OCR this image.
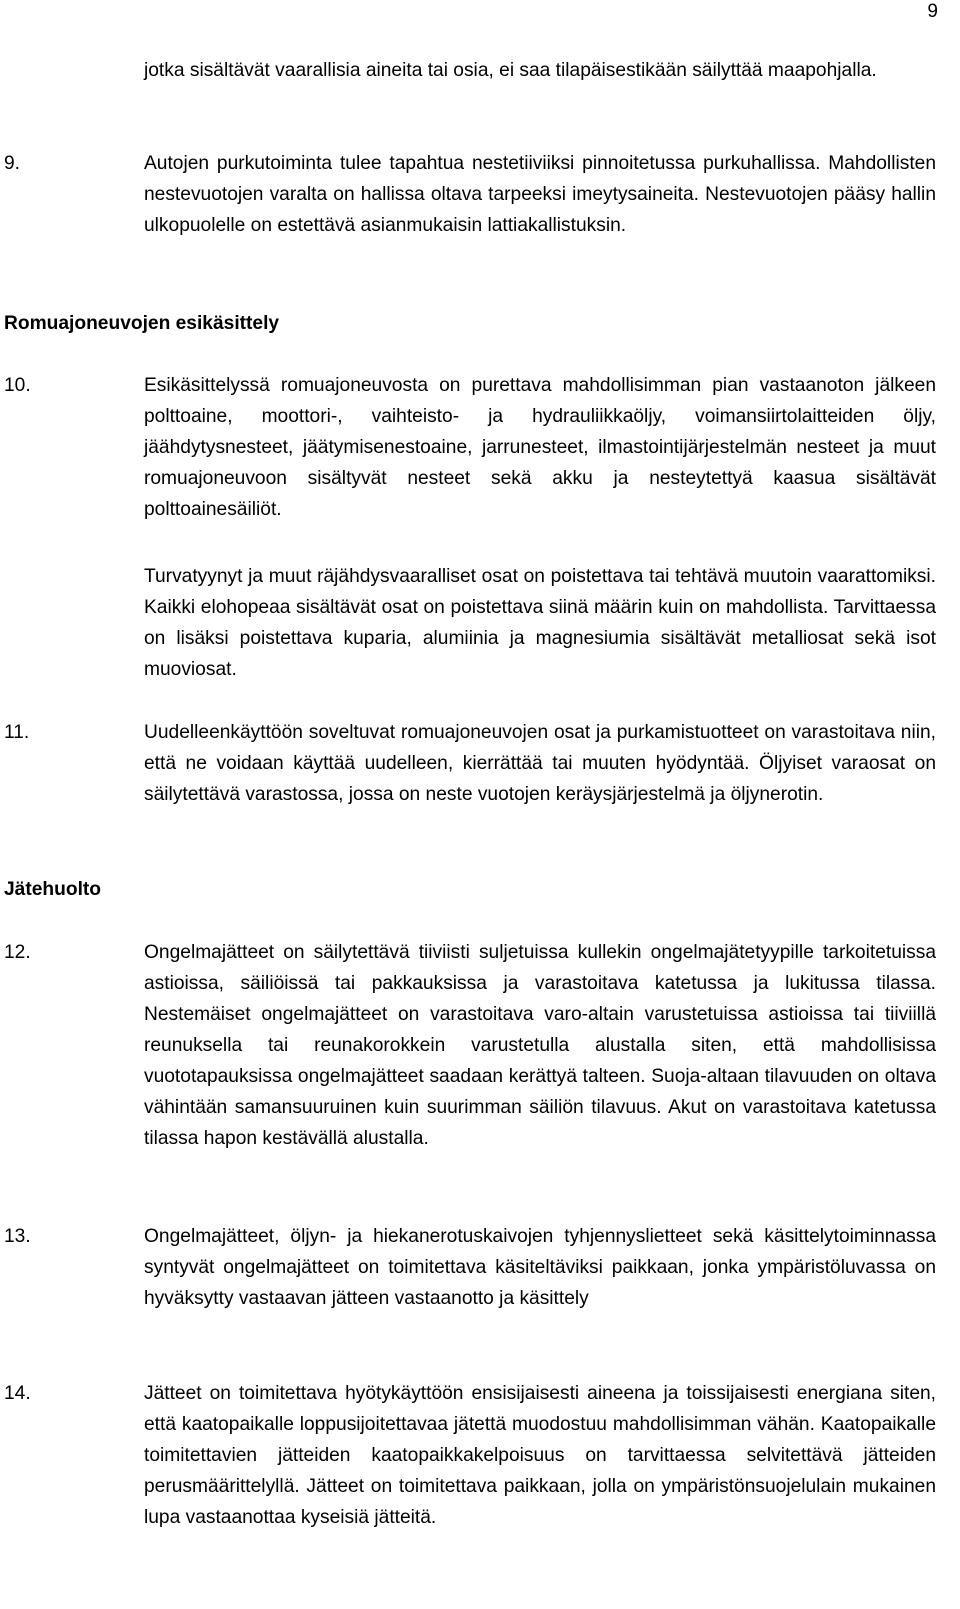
9

jotka sisältävät vaarallisia aineita tai osia, ei saa tilapäisestikään säilyttää maapohjalla.

9.	Autojen purkutoiminta tulee tapahtua nestetiiviiksi pinnoitetussa purkuhallissa. Mahdollisten nestevuotojen varalta on hallissa oltava tarpeeksi imeytysaineita. Nestevuotojen pääsy hallin ulkopuolelle on estettävä asianmukaisin lattiakallistuksin.

Romuajoneuvojen esikäsittely

10.	Esikäsittelyssä romuajoneuvosta on purettava mahdollisimman pian vastaanoton jälkeen polttoaine, moottori-, vaihteisto- ja hydrauliikkaöljy, voimansiirtolaitteiden öljy, jäähdytysnesteet, jäätymisenestoaine, jarrunesteet, ilmastointijärjestelmän nesteet ja muut romuajoneuvoon sisältyvät nesteet sekä akku ja nesteytettyä kaasua sisältävät polttoainesäiliöt.

Turvatyynyt ja muut räjähdysvaaralliset osat on poistettava tai tehtävä muutoin vaarattomiksi. Kaikki elohopeaa sisältävät osat on poistettava siinä määrin kuin on mahdollista. Tarvittaessa on lisäksi poistettava kuparia, alumiinia ja magnesiumia sisältävät metalliosat sekä isot muoviosat.

11.	Uudelleenkäyttöön soveltuvat romuajoneuvojen osat ja purkamistuotteet on varastoitava niin, että ne voidaan käyttää uudelleen, kierrättää tai muuten hyödyntää. Öljyiset varaosat on säilytettävä varastossa, jossa on neste vuotojen keräysjärjestelmä ja öljynerotin.

Jätehuolto

12.	Ongelmajätteet on säilytettävä tiiviisti suljetuissa kullekin ongelmajätetyypille tarkoitetuissa astioissa, säiliöissä tai pakkauksissa ja varastoitava katetussa ja lukitussa tilassa. Nestemäiset ongelmajätteet on varastoitava varo-altain varustetuissa astioissa tai tiiviillä reunuksella tai reunakorokkein varustetulla alustalla siten, että mahdollisissa vuototapauksissa ongelmajätteet saadaan kerättyä talteen. Suoja-altaan tilavuuden on oltava vähintään samansuuruinen kuin suurimman säiliön tilavuus. Akut on varastoitava katetussa tilassa hapon kestävällä alustalla.

13.	Ongelmajätteet, öljyn- ja hiekanerotuskaivojen tyhjennyslietteet sekä käsittelytoiminnassa syntyvät ongelmajätteet on toimitettava käsiteltäviksi paikkaan, jonka ympäristöluvassa on hyväksytty vastaavan jätteen vastaanotto ja käsittely

14.	Jätteet on toimitettava hyötykäyttöön ensisijaisesti aineena ja toissijaisesti energiana siten, että kaatopaikalle loppusijoitettavaa jätettä muodostuu mahdollisimman vähän. Kaatopaikalle toimitettavien jätteiden kaatopaikkakelpoisuus on tarvittaessa selvitettävä jätteiden perusmäärittelyllä. Jätteet on toimitettava paikkaan, jolla on ympäristönsuojelulain mukainen lupa vastaanottaa kyseisiä jätteitä.
